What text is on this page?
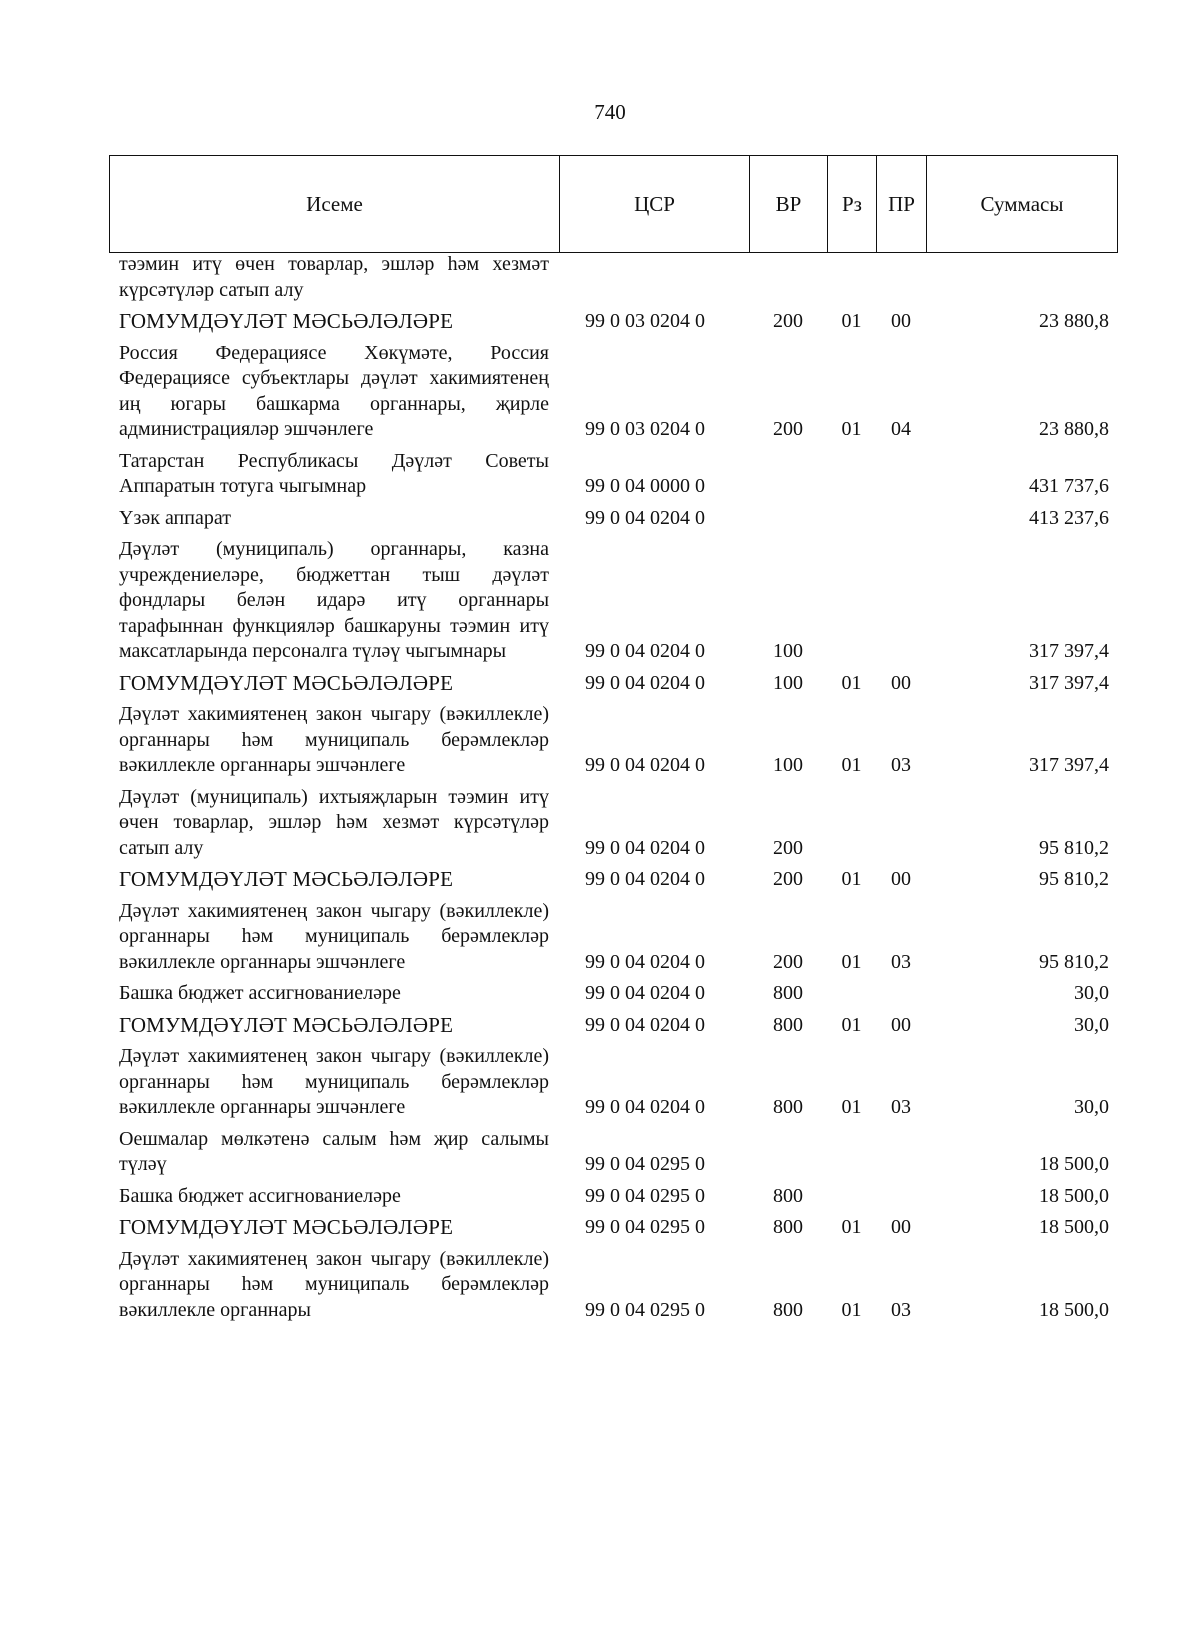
740
Исеме	ЦСР	ВР	Рз	ПР	Суммасы
тәэмин итү өчен товарлар, эшләр һәм хезмәт күрсәтүләр сатып алу					
ГОМУМДӘҮЛӘТ МӘСЬӘЛӘЛӘРЕ	99 0 03 0204 0	200	01	00	23 880,8
Россия Федерациясе Хөкүмәте, Россия Федерациясе субъектлары дәүләт хакимиятенең иң югары башкарма органнары, җирле администрацияләр эшчәнлеге	99 0 03 0204 0	200	01	04	23 880,8
Татарстан Республикасы Дәүләт Советы Аппаратын тотуга чыгымнар	99 0 04 0000 0				431 737,6
Үзәк аппарат	99 0 04 0204 0				413 237,6
Дәүләт (муниципаль) органнары, казна учреждениеләре, бюджеттан тыш дәүләт фондлары белән идарә итү органнары тарафыннан функцияләр башкаруны тәэмин итү максатларында персоналга түләү чыгымнары	99 0 04 0204 0	100			317 397,4
ГОМУМДӘҮЛӘТ МӘСЬӘЛӘЛӘРЕ	99 0 04 0204 0	100	01	00	317 397,4
Дәүләт хакимиятенең закон чыгару (вәкиллекле) органнары һәм муниципаль берәмлекләр вәкиллекле органнары эшчәнлеге	99 0 04 0204 0	100	01	03	317 397,4
Дәүләт (муниципаль) ихтыяҗларын тәэмин итү өчен товарлар, эшләр һәм хезмәт күрсәтүләр сатып алу	99 0 04 0204 0	200			95 810,2
ГОМУМДӘҮЛӘТ МӘСЬӘЛӘЛӘРЕ	99 0 04 0204 0	200	01	00	95 810,2
Дәүләт хакимиятенең закон чыгару (вәкиллекле) органнары һәм муниципаль берәмлекләр вәкиллекле органнары эшчәнлеге	99 0 04 0204 0	200	01	03	95 810,2
Башка бюджет ассигнованиеләре	99 0 04 0204 0	800			30,0
ГОМУМДӘҮЛӘТ МӘСЬӘЛӘЛӘРЕ	99 0 04 0204 0	800	01	00	30,0
Дәүләт хакимиятенең закон чыгару (вәкиллекле) органнары һәм муниципаль берәмлекләр вәкиллекле органнары эшчәнлеге	99 0 04 0204 0	800	01	03	30,0
Оешмалар мөлкәтенә салым һәм җир салымы түләү	99 0 04 0295 0				18 500,0
Башка бюджет ассигнованиеләре	99 0 04 0295 0	800			18 500,0
ГОМУМДӘҮЛӘТ МӘСЬӘЛӘЛӘРЕ	99 0 04 0295 0	800	01	00	18 500,0
Дәүләт хакимиятенең закон чыгару (вәкиллекле) органнары һәм муниципаль берәмлекләр вәкиллекле органнары	99 0 04 0295 0	800	01	03	18 500,0
